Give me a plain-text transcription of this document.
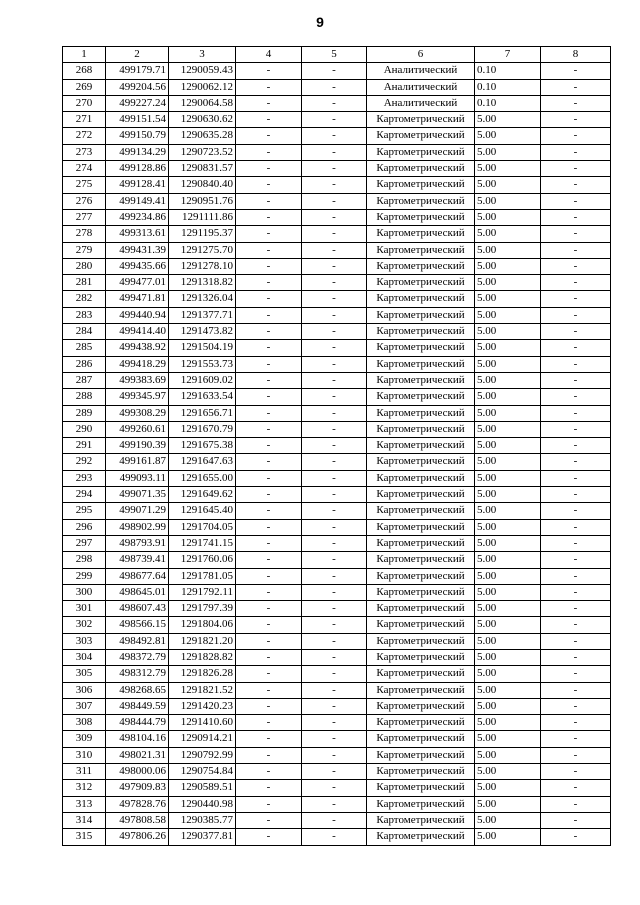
9
1	2	3	4	5	6	7	8
268	499179.71	1290059.43	-	-	Аналитический	0.10	-
269	499204.56	1290062.12	-	-	Аналитический	0.10	-
270	499227.24	1290064.58	-	-	Аналитический	0.10	-
271	499151.54	1290630.62	-	-	Картометрический	5.00	-
272	499150.79	1290635.28	-	-	Картометрический	5.00	-
273	499134.29	1290723.52	-	-	Картометрический	5.00	-
274	499128.86	1290831.57	-	-	Картометрический	5.00	-
275	499128.41	1290840.40	-	-	Картометрический	5.00	-
276	499149.41	1290951.76	-	-	Картометрический	5.00	-
277	499234.86	1291111.86	-	-	Картометрический	5.00	-
278	499313.61	1291195.37	-	-	Картометрический	5.00	-
279	499431.39	1291275.70	-	-	Картометрический	5.00	-
280	499435.66	1291278.10	-	-	Картометрический	5.00	-
281	499477.01	1291318.82	-	-	Картометрический	5.00	-
282	499471.81	1291326.04	-	-	Картометрический	5.00	-
283	499440.94	1291377.71	-	-	Картометрический	5.00	-
284	499414.40	1291473.82	-	-	Картометрический	5.00	-
285	499438.92	1291504.19	-	-	Картометрический	5.00	-
286	499418.29	1291553.73	-	-	Картометрический	5.00	-
287	499383.69	1291609.02	-	-	Картометрический	5.00	-
288	499345.97	1291633.54	-	-	Картометрический	5.00	-
289	499308.29	1291656.71	-	-	Картометрический	5.00	-
290	499260.61	1291670.79	-	-	Картометрический	5.00	-
291	499190.39	1291675.38	-	-	Картометрический	5.00	-
292	499161.87	1291647.63	-	-	Картометрический	5.00	-
293	499093.11	1291655.00	-	-	Картометрический	5.00	-
294	499071.35	1291649.62	-	-	Картометрический	5.00	-
295	499071.29	1291645.40	-	-	Картометрический	5.00	-
296	498902.99	1291704.05	-	-	Картометрический	5.00	-
297	498793.91	1291741.15	-	-	Картометрический	5.00	-
298	498739.41	1291760.06	-	-	Картометрический	5.00	-
299	498677.64	1291781.05	-	-	Картометрический	5.00	-
300	498645.01	1291792.11	-	-	Картометрический	5.00	-
301	498607.43	1291797.39	-	-	Картометрический	5.00	-
302	498566.15	1291804.06	-	-	Картометрический	5.00	-
303	498492.81	1291821.20	-	-	Картометрический	5.00	-
304	498372.79	1291828.82	-	-	Картометрический	5.00	-
305	498312.79	1291826.28	-	-	Картометрический	5.00	-
306	498268.65	1291821.52	-	-	Картометрический	5.00	-
307	498449.59	1291420.23	-	-	Картометрический	5.00	-
308	498444.79	1291410.60	-	-	Картометрический	5.00	-
309	498104.16	1290914.21	-	-	Картометрический	5.00	-
310	498021.31	1290792.99	-	-	Картометрический	5.00	-
311	498000.06	1290754.84	-	-	Картометрический	5.00	-
312	497909.83	1290589.51	-	-	Картометрический	5.00	-
313	497828.76	1290440.98	-	-	Картометрический	5.00	-
314	497808.58	1290385.77	-	-	Картометрический	5.00	-
315	497806.26	1290377.81	-	-	Картометрический	5.00	-
